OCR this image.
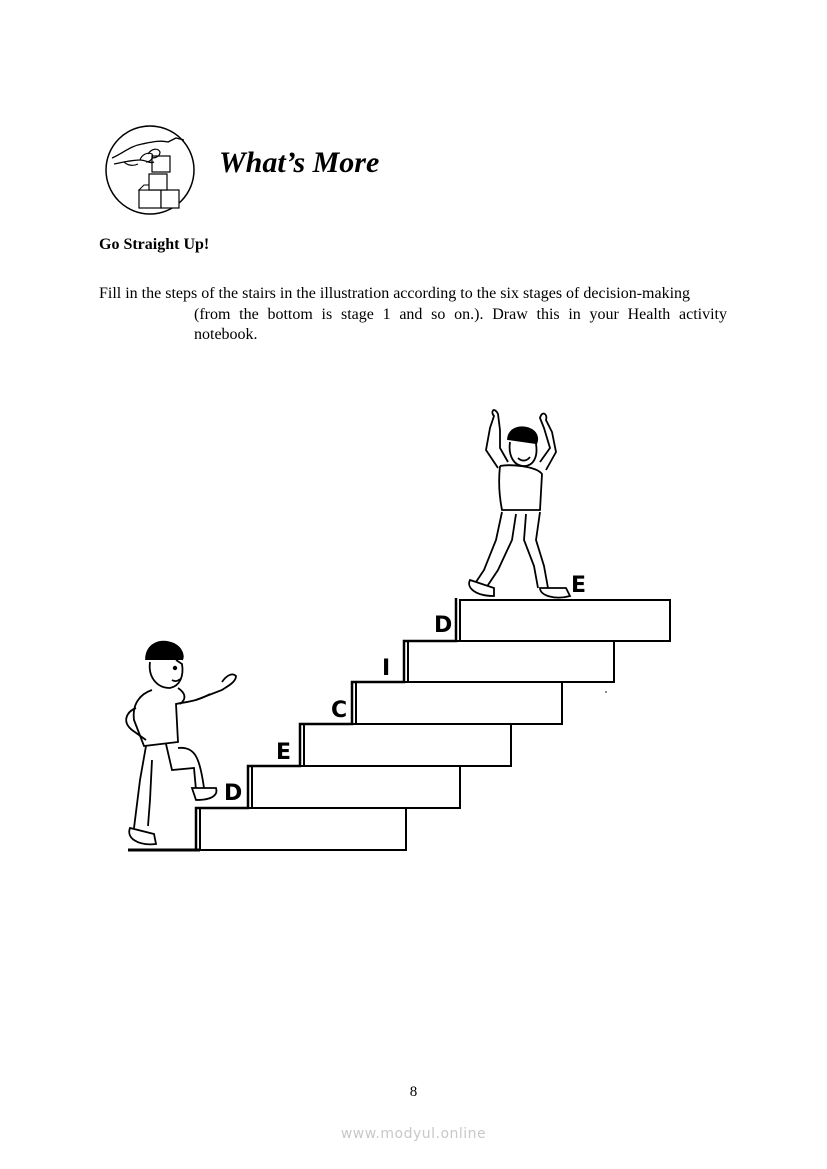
What’s More
Go Straight Up!

Fill in the steps of the stairs in the illustration according to the six stages of decision-making

(from the bottom is stage 1 and so on.). Draw this in your Health activity notebook.

D
E
C
I
D
E
8
www.modyul.online
